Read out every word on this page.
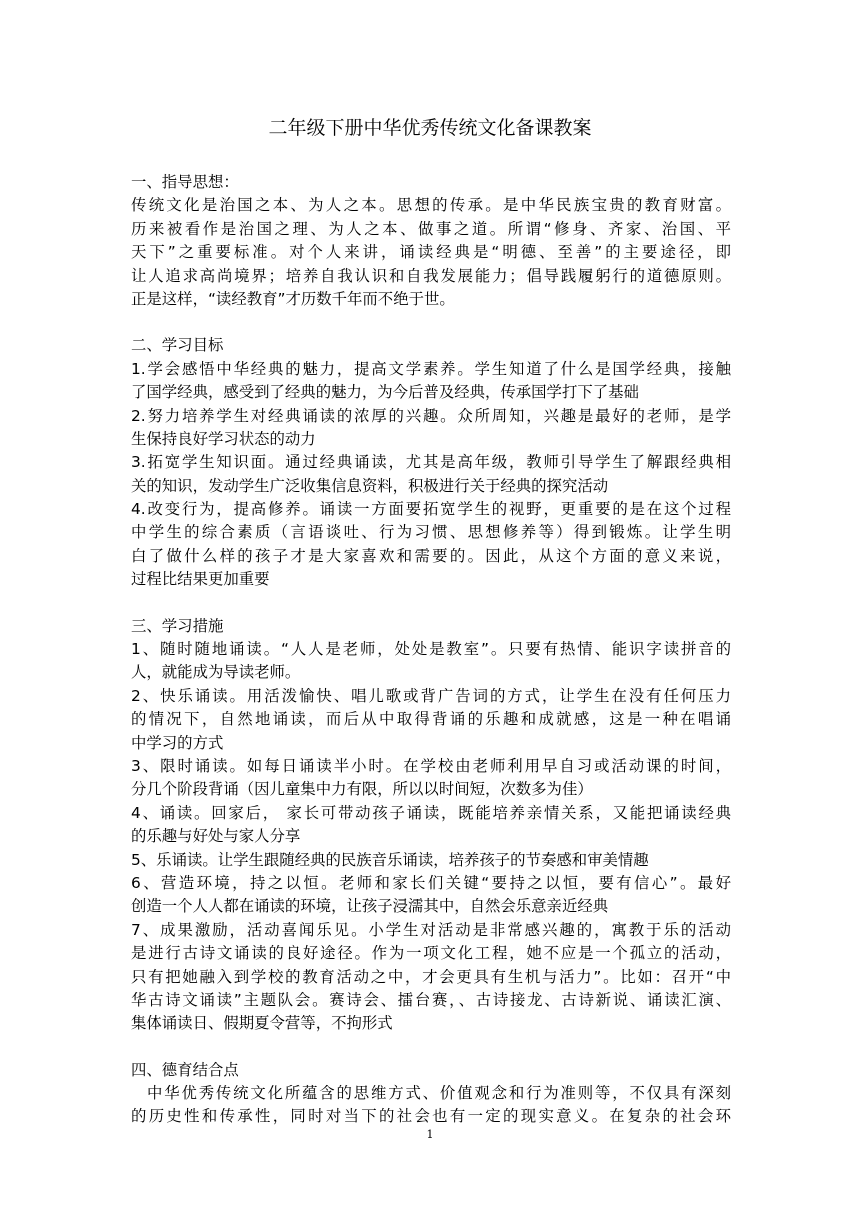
二年级下册中华优秀传统文化备课教案
一、指导思想：
传统文化是治国之本、为人之本。思想的传承。是中华民族宝贵的教育财富。
历来被看作是治国之理、为人之本、做事之道。所谓“修身、齐家、治国、平
天下”之重要标准。对个人来讲，诵读经典是“明德、至善”的主要途径，即
让人追求高尚境界；培养自我认识和自我发展能力；倡导践履躬行的道德原则。
正是这样，“读经教育”才历数千年而不绝于世。
二、学习目标
1.学会感悟中华经典的魅力，提高文学素养。学生知道了什么是国学经典，接触
了国学经典，感受到了经典的魅力，为今后普及经典，传承国学打下了基础
2.努力培养学生对经典诵读的浓厚的兴趣。众所周知，兴趣是最好的老师，是学
生保持良好学习状态的动力
3.拓宽学生知识面。通过经典诵读，尤其是高年级，教师引导学生了解跟经典相
关的知识，发动学生广泛收集信息资料，积极进行关于经典的探究活动
4.改变行为，提高修养。诵读一方面要拓宽学生的视野，更重要的是在这个过程
中学生的综合素质（言语谈吐、行为习惯、思想修养等）得到锻炼。让学生明
白了做什么样的孩子才是大家喜欢和需要的。因此，从这个方面的意义来说，
过程比结果更加重要
三、学习措施
1、随时随地诵读。“人人是老师，处处是教室”。只要有热情、能识字读拼音的
人，就能成为导读老师。
2、快乐诵读。用活泼愉快、唱儿歌或背广告词的方式，让学生在没有任何压力
的情况下，自然地诵读，而后从中取得背诵的乐趣和成就感，这是一种在唱诵
中学习的方式
3、限时诵读。如每日诵读半小时。在学校由老师利用早自习或活动课的时间，
分几个阶段背诵（因儿童集中力有限，所以以时间短，次数多为佳）
4、诵读。回家后， 家长可带动孩子诵读，既能培养亲情关系，又能把诵读经典
的乐趣与好处与家人分享
5、乐诵读。让学生跟随经典的民族音乐诵读，培养孩子的节奏感和审美情趣
6、营造环境，持之以恒。老师和家长们关键“要持之以恒，要有信心”。最好
创造一个人人都在诵读的环境，让孩子浸濡其中，自然会乐意亲近经典
7、成果激励，活动喜闻乐见。小学生对活动是非常感兴趣的，寓教于乐的活动
是进行古诗文诵读的良好途径。作为一项文化工程，她不应是一个孤立的活动，
只有把她融入到学校的教育活动之中，才会更具有生机与活力”。比如：召开“中
华古诗文诵读”主题队会。赛诗会、擂台赛，、古诗接龙、古诗新说、诵读汇演、
集体诵读日、假期夏令营等，不拘形式
四、德育结合点
中华优秀传统文化所蕴含的思维方式、价值观念和行为准则等，不仅具有深刻
的历史性和传承性，同时对当下的社会也有一定的现实意义。在复杂的社会环
1
